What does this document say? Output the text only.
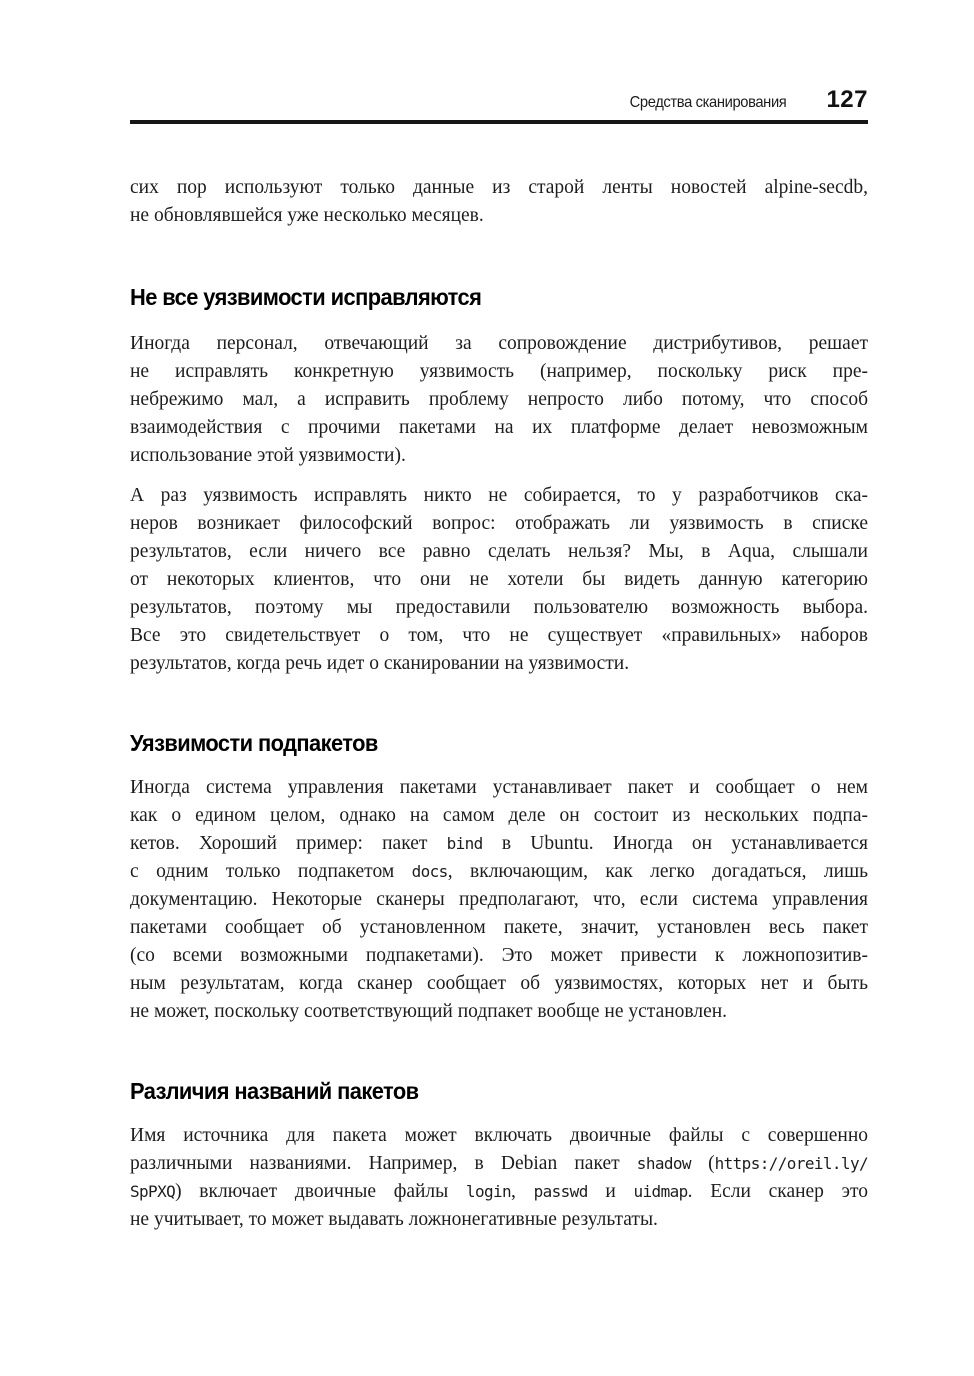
Средства сканирования 127
сих пор используют только данные из старой ленты новостей alpine-secdb,
не обновлявшейся уже несколько месяцев.
Не все уязвимости исправляются
Иногда персонал, отвечающий за сопровождение дистрибутивов, решает
не исправлять конкретную уязвимость (например, поскольку риск пре-
небрежимо мал, а исправить проблему непросто либо потому, что способ
взаимодействия с прочими пакетами на их платформе делает невозможным
использование этой уязвимости).
А раз уязвимость исправлять никто не собирается, то у разработчиков ска-
неров возникает философский вопрос: отображать ли уязвимость в списке
результатов, если ничего все равно сделать нельзя? Мы, в Aqua, слышали
от некоторых клиентов, что они не хотели бы видеть данную категорию
результатов, поэтому мы предоставили пользователю возможность выбора.
Все это свидетельствует о том, что не существует «правильных» наборов
результатов, когда речь идет о сканировании на уязвимости.
Уязвимости подпакетов
Иногда система управления пакетами устанавливает пакет и сообщает о нем
как о едином целом, однако на самом деле он состоит из нескольких подпа-
кетов. Хороший пример: пакет bind в Ubuntu. Иногда он устанавливается
с одним только подпакетом docs, включающим, как легко догадаться, лишь
документацию. Некоторые сканеры предполагают, что, если система управления
пакетами сообщает об установленном пакете, значит, установлен весь пакет
(со всеми возможными подпакетами). Это может привести к ложнопозитив-
ным результатам, когда сканер сообщает об уязвимостях, которых нет и быть
не может, поскольку соответствующий подпакет вообще не установлен.
Различия названий пакетов
Имя источника для пакета может включать двоичные файлы с совершенно
различными названиями. Например, в Debian пакет shadow (https://oreil.ly/
SpPXQ) включает двоичные файлы login, passwd и uidmap. Если сканер это
не учитывает, то может выдавать ложнонегативные результаты.
